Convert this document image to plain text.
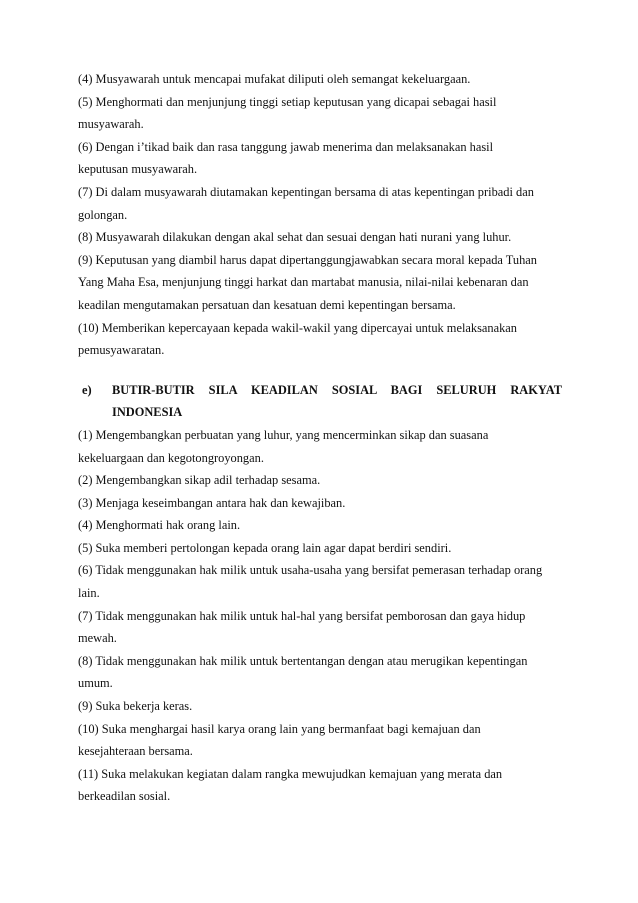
(4) Musyawarah untuk mencapai mufakat diliputi oleh semangat kekeluargaan.
(5) Menghormati dan menjunjung tinggi setiap keputusan yang dicapai sebagai hasil
musyawarah.
(6) Dengan i’tikad baik dan rasa tanggung jawab menerima dan melaksanakan hasil
keputusan musyawarah.
(7) Di dalam musyawarah diutamakan kepentingan bersama di atas kepentingan pribadi dan
golongan.
(8) Musyawarah dilakukan dengan akal sehat dan sesuai dengan hati nurani yang luhur.
(9) Keputusan yang diambil harus dapat dipertanggungjawabkan secara moral kepada Tuhan
Yang Maha Esa, menjunjung tinggi harkat dan martabat manusia, nilai-nilai kebenaran dan
keadilan mengutamakan persatuan dan kesatuan demi kepentingan bersama.
(10) Memberikan kepercayaan kepada wakil-wakil yang dipercayai untuk melaksanakan
pemusyawaratan.
e)	BUTIR-BUTIR SILA KEADILAN SOSIAL BAGI SELURUH RAKYAT
INDONESIA
(1) Mengembangkan perbuatan yang luhur, yang mencerminkan sikap dan suasana
kekeluargaan dan kegotongroyongan.
(2) Mengembangkan sikap adil terhadap sesama.
(3) Menjaga keseimbangan antara hak dan kewajiban.
(4) Menghormati hak orang lain.
(5) Suka memberi pertolongan kepada orang lain agar dapat berdiri sendiri.
(6) Tidak menggunakan hak milik untuk usaha-usaha yang bersifat pemerasan terhadap orang
lain.
(7) Tidak menggunakan hak milik untuk hal-hal yang bersifat pemborosan dan gaya hidup
mewah.
(8) Tidak menggunakan hak milik untuk bertentangan dengan atau merugikan kepentingan
umum.
(9) Suka bekerja keras.
(10) Suka menghargai hasil karya orang lain yang bermanfaat bagi kemajuan dan
kesejahteraan bersama.
(11) Suka melakukan kegiatan dalam rangka mewujudkan kemajuan yang merata dan
berkeadilan sosial.
